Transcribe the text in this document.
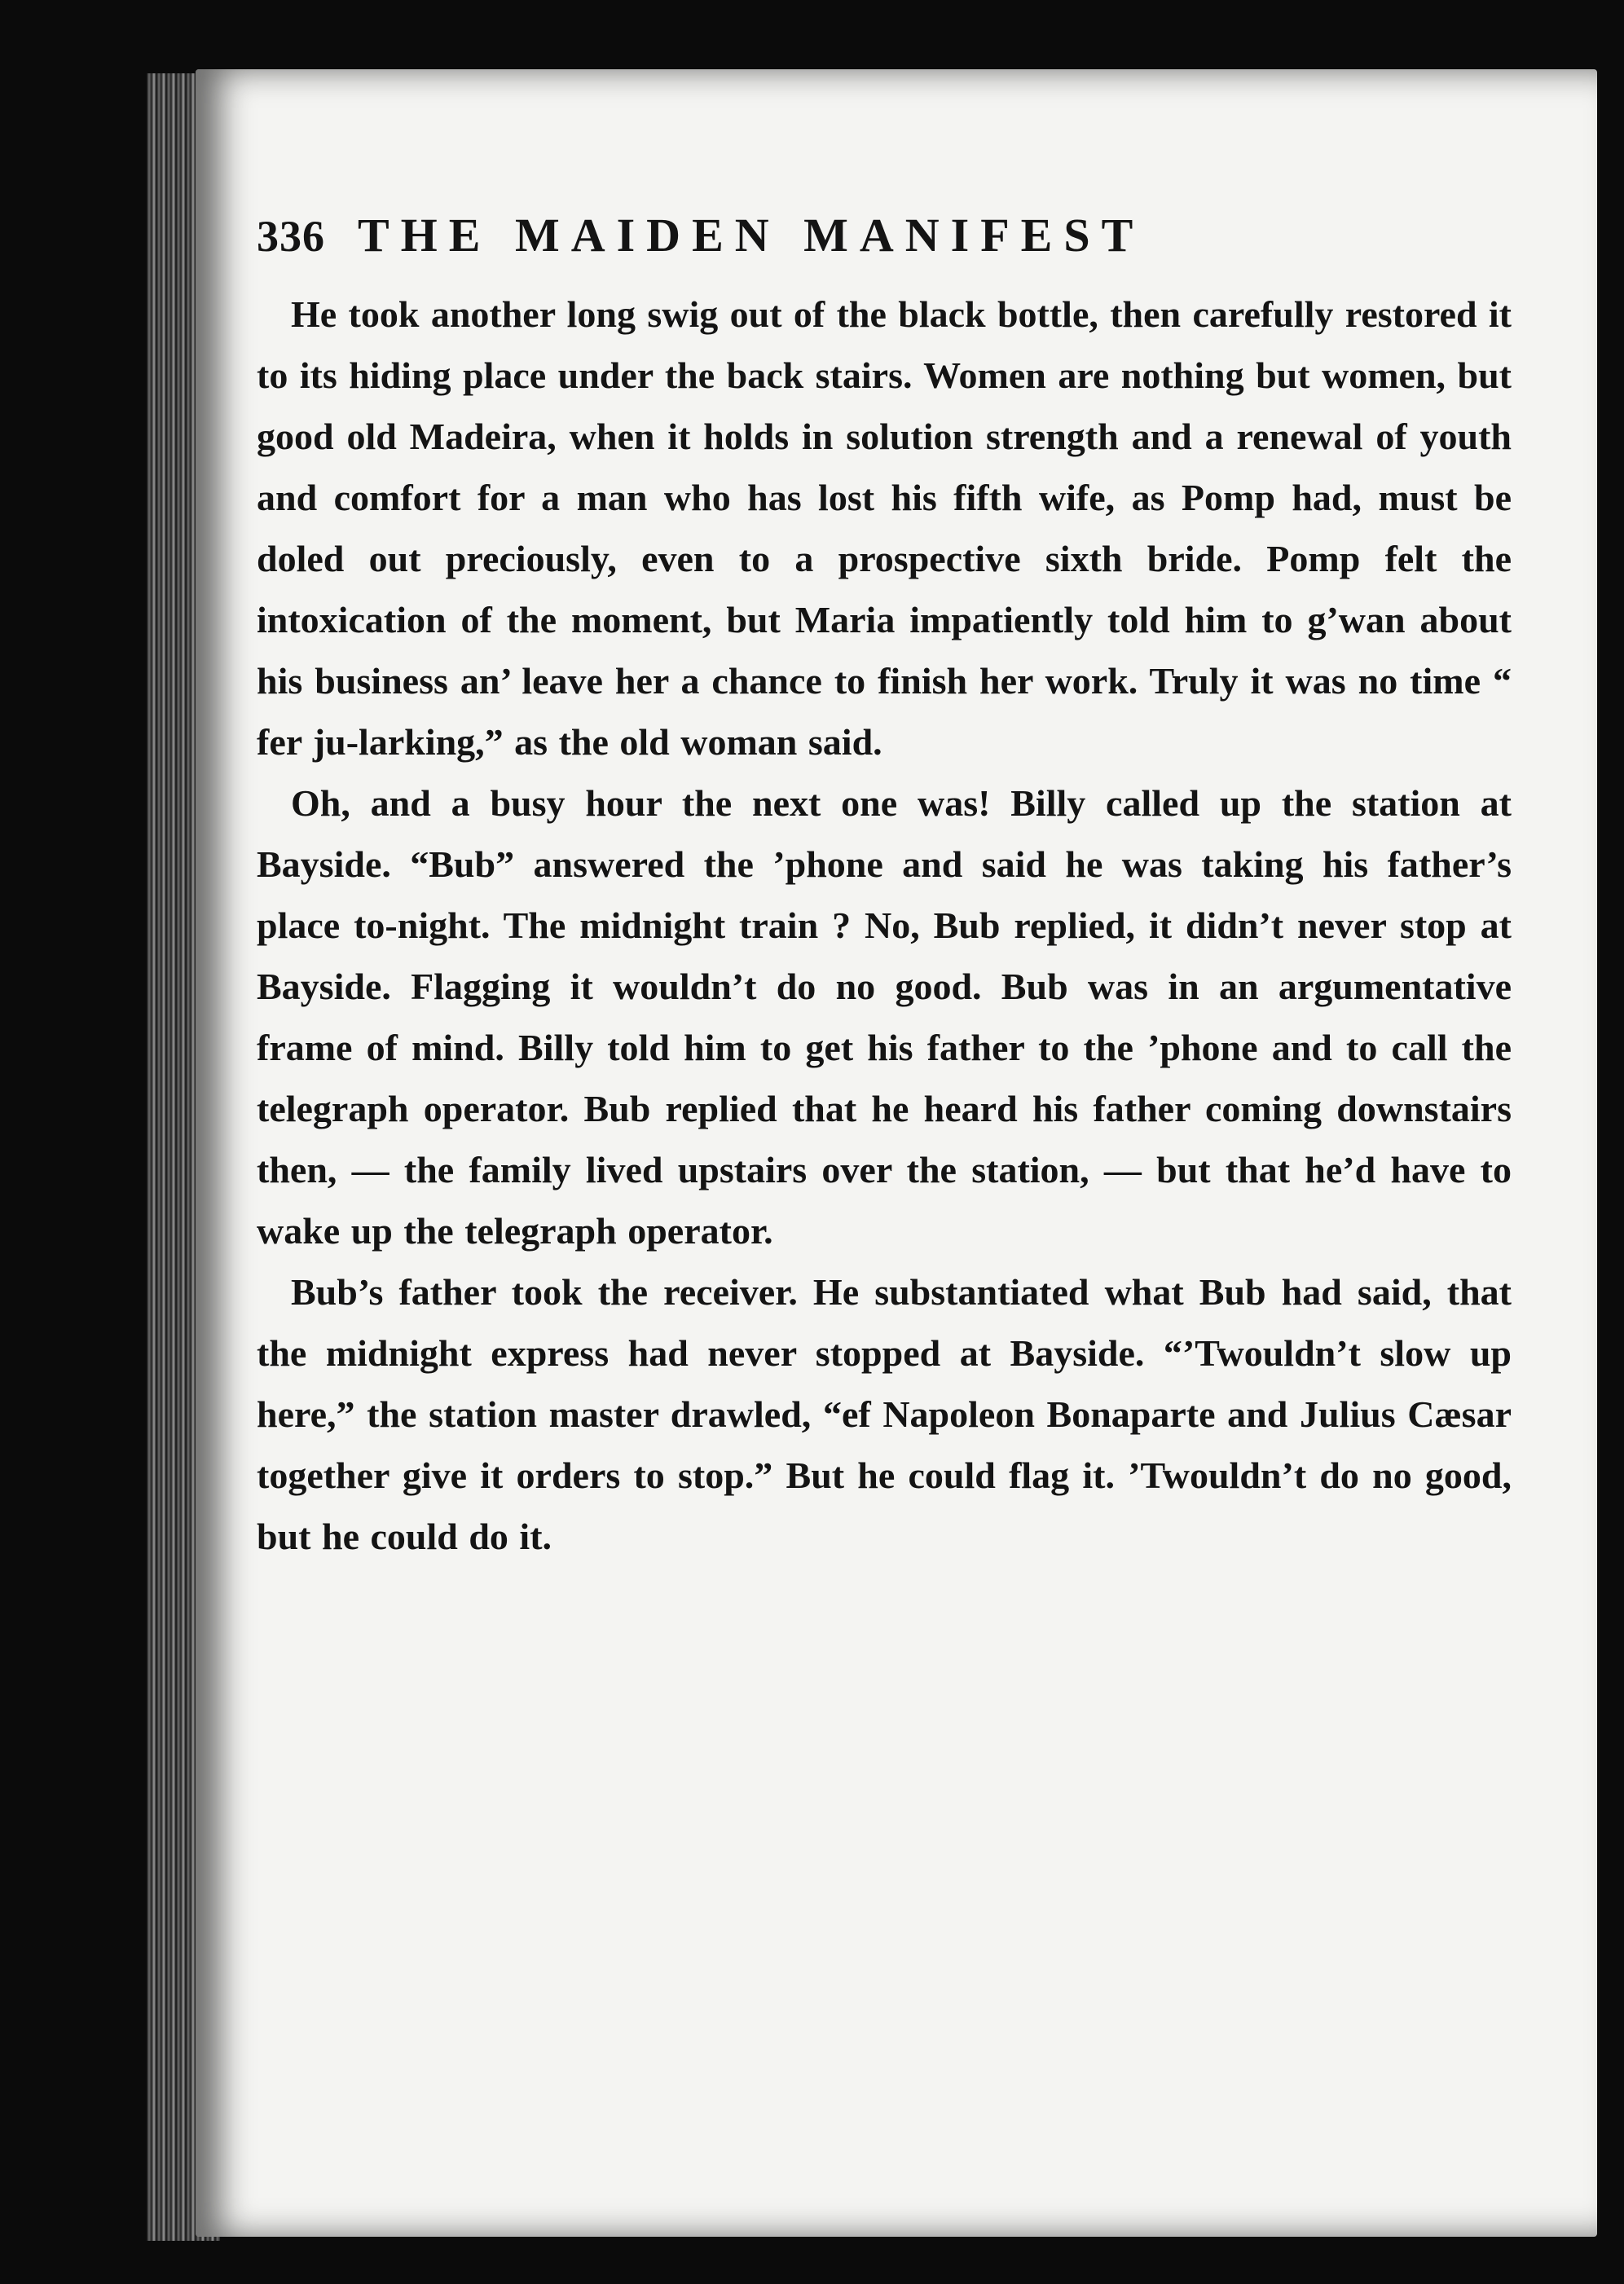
336 THE MAIDEN MANIFEST

He took another long swig out of the black bottle, then carefully restored it to its hiding place under the back stairs. Women are nothing but women, but good old Madeira, when it holds in solution strength and a renewal of youth and comfort for a man who has lost his fifth wife, as Pomp had, must be doled out preciously, even to a prospective sixth bride. Pomp felt the intoxication of the moment, but Maria impatiently told him to g’wan about his business an’ leave her a chance to finish her work. Truly it was no time “ fer ju-larking,” as the old woman said.

Oh, and a busy hour the next one was! Billy called up the station at Bayside. “Bub” answered the ’phone and said he was taking his father’s place to-night. The midnight train ? No, Bub replied, it didn’t never stop at Bayside. Flagging it wouldn’t do no good. Bub was in an argumentative frame of mind. Billy told him to get his father to the ’phone and to call the telegraph operator. Bub replied that he heard his father coming downstairs then, — the family lived upstairs over the station, — but that he’d have to wake up the telegraph operator.

Bub’s father took the receiver. He substantiated what Bub had said, that the midnight express had never stopped at Bayside. “’Twouldn’t slow up here,” the station master drawled, “ef Napoleon Bonaparte and Julius Cæsar together give it orders to stop.” But he could flag it. ’Twouldn’t do no good, but he could do it.
